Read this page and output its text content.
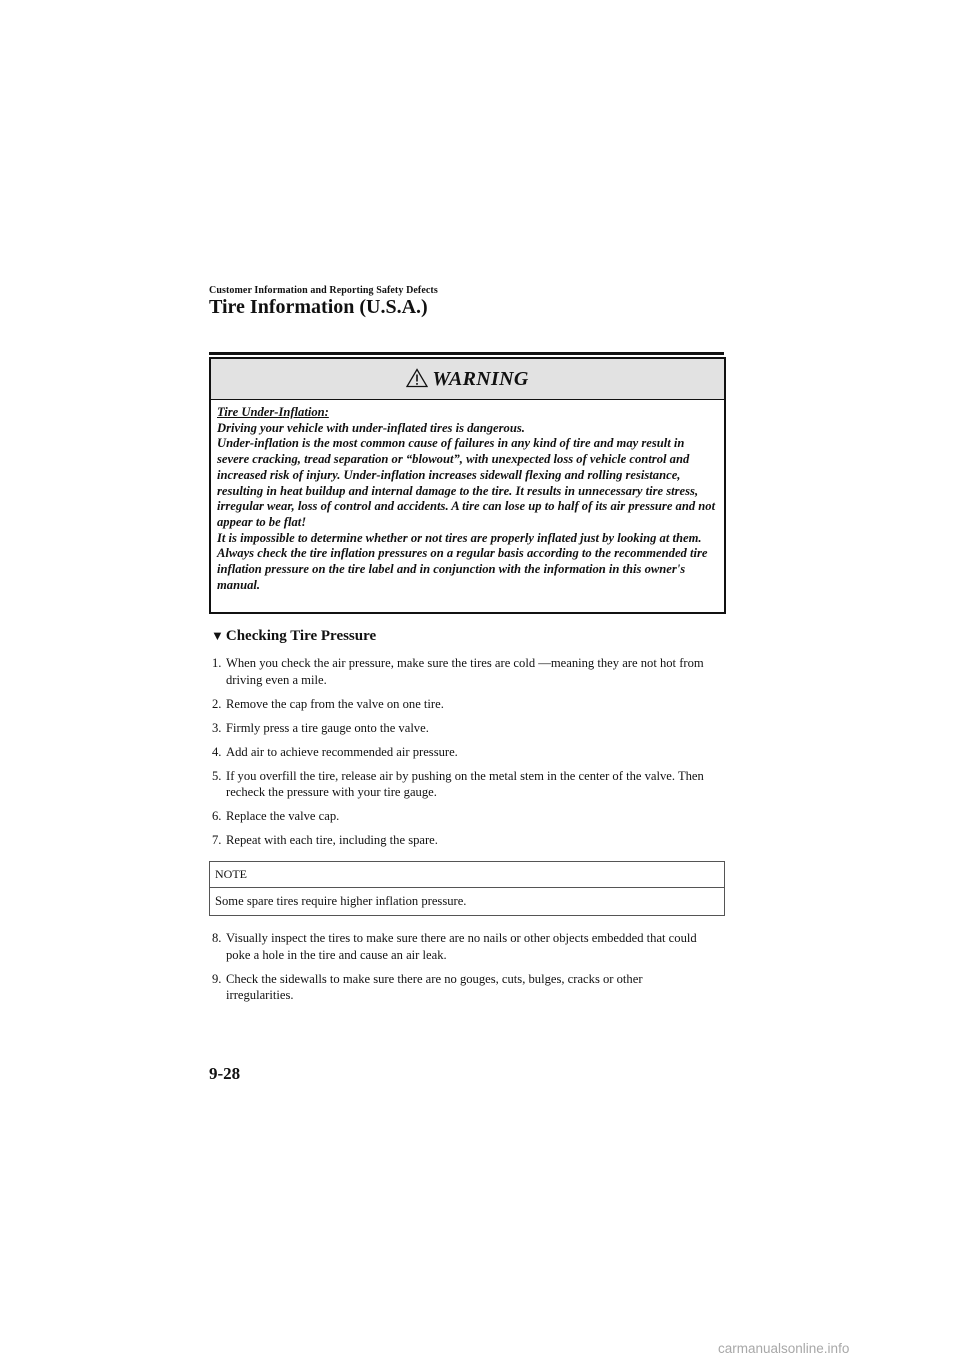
Customer Information and Reporting Safety Defects
Tire Information (U.S.A.)
WARNING

Tire Under-Inflation:

Driving your vehicle with under-inflated tires is dangerous.

Under-inflation is the most common cause of failures in any kind of tire and may result in severe cracking, tread separation or “blowout”, with unexpected loss of vehicle control and increased risk of injury. Under-inflation increases sidewall flexing and rolling resistance, resulting in heat buildup and internal damage to the tire. It results in unnecessary tire stress, irregular wear, loss of control and accidents. A tire can lose up to half of its air pressure and not appear to be flat!

It is impossible to determine whether or not tires are properly inflated just by looking at them.

Always check the tire inflation pressures on a regular basis according to the recommended tire inflation pressure on the tire label and in conjunction with the information in this owner's manual.

▼ Checking Tire Pressure
1. When you check the air pressure, make sure the tires are cold ―meaning they are not hot from driving even a mile.
2. Remove the cap from the valve on one tire.
3. Firmly press a tire gauge onto the valve.
4. Add air to achieve recommended air pressure.
5. If you overfill the tire, release air by pushing on the metal stem in the center of the valve. Then recheck the pressure with your tire gauge.
6. Replace the valve cap.
7. Repeat with each tire, including the spare.
NOTE
Some spare tires require higher inflation pressure.
8. Visually inspect the tires to make sure there are no nails or other objects embedded that could poke a hole in the tire and cause an air leak.
9. Check the sidewalls to make sure there are no gouges, cuts, bulges, cracks or other irregularities.
9-28
carmanualsonline.info
